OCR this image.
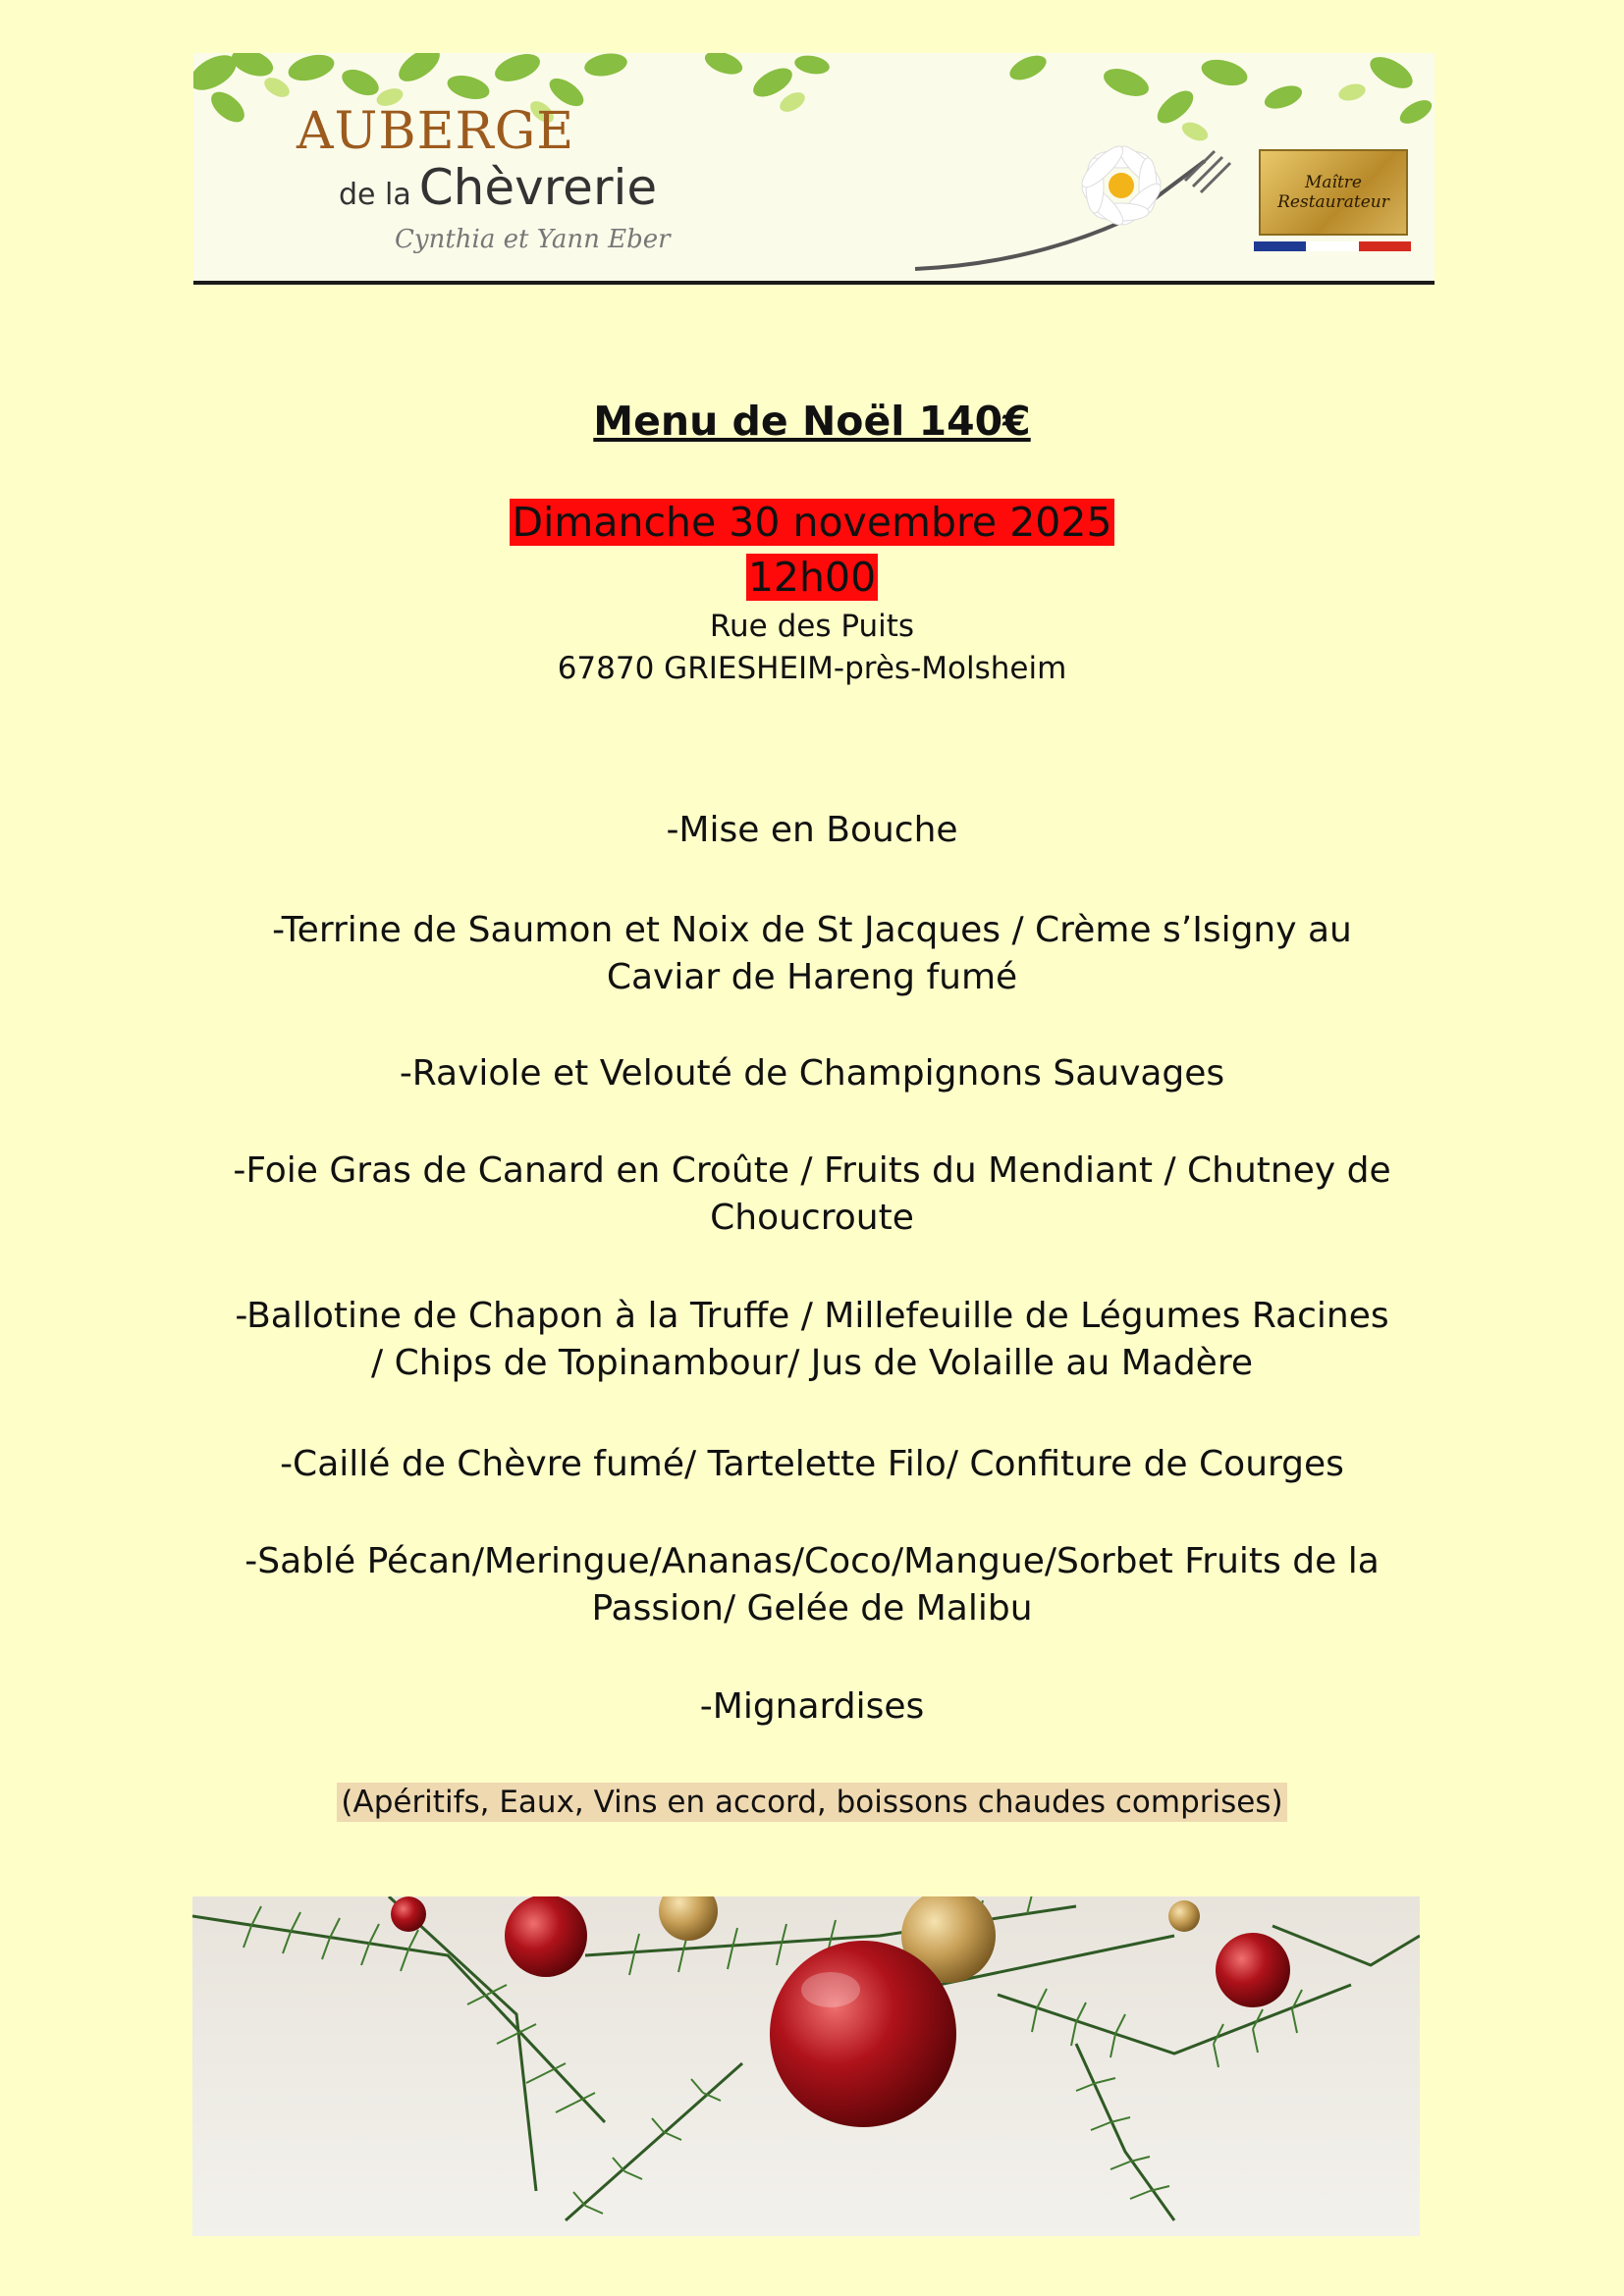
AUBERGE
de la Chèvrerie
Cynthia et Yann Eber
Maître
Restaurateur
Menu de Noël 140€
Dimanche 30 novembre 2025
12h00
Rue des Puits
67870 GRIESHEIM-près-Molsheim
-Mise en Bouche
-Terrine de Saumon et Noix de St Jacques / Crème s’Isigny au Caviar de Hareng fumé
-Raviole et Velouté de Champignons Sauvages
-Foie Gras de Canard en Croûte / Fruits du Mendiant / Chutney de Choucroute
-Ballotine de Chapon à la Truffe / Millefeuille de Légumes Racines / Chips de Topinambour/ Jus de Volaille au Madère
-Caillé de Chèvre fumé/ Tartelette Filo/ Confiture de Courges
-Sablé Pécan/Meringue/Ananas/Coco/Mangue/Sorbet Fruits de la Passion/ Gelée de Malibu
-Mignardises
(Apéritifs, Eaux, Vins en accord, boissons chaudes comprises)
